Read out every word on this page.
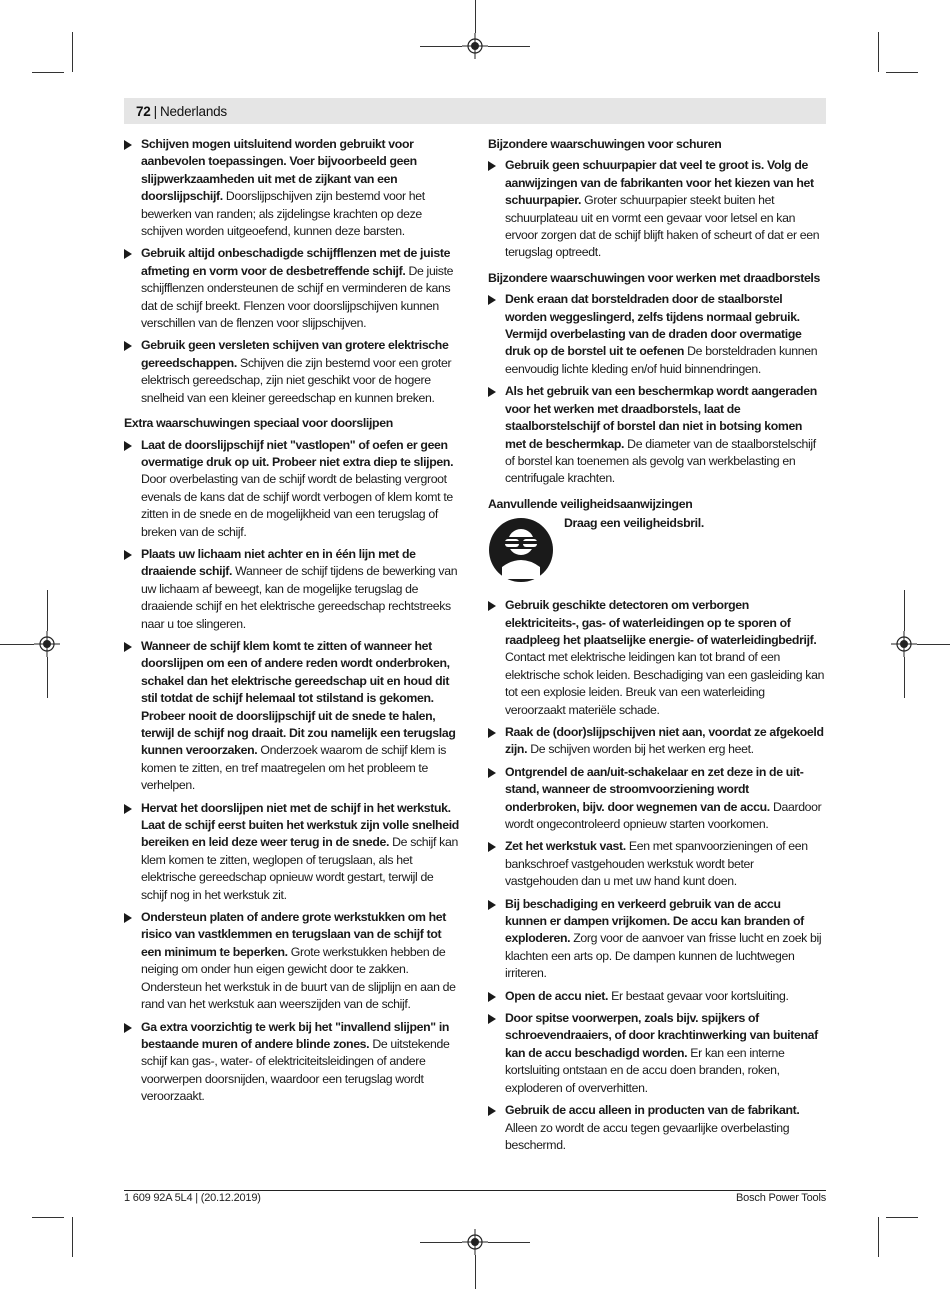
72 | Nederlands
Schijven mogen uitsluitend worden gebruikt voor aanbevolen toepassingen. Voer bijvoorbeeld geen slijpwerkzaamheden uit met de zijkant van een doorslijpschijf. Doorslijpschijven zijn bestemd voor het bewerken van randen; als zijdelingse krachten op deze schijven worden uitgeoefend, kunnen deze barsten.
Gebruik altijd onbeschadigde schijfflenzen met de juiste afmeting en vorm voor de desbetreffende schijf. De juiste schijfflenzen ondersteunen de schijf en verminderen de kans dat de schijf breekt. Flenzen voor doorslijpschijven kunnen verschillen van de flenzen voor slijpschijven.
Gebruik geen versleten schijven van grotere elektrische gereedschappen. Schijven die zijn bestemd voor een groter elektrisch gereedschap, zijn niet geschikt voor de hogere snelheid van een kleiner gereedschap en kunnen breken.
Extra waarschuwingen speciaal voor doorslijpen
Laat de doorslijpschijf niet "vastlopen" of oefen er geen overmatige druk op uit. Probeer niet extra diep te slijpen. Door overbelasting van de schijf wordt de belasting vergroot evenals de kans dat de schijf wordt verbogen of klem komt te zitten in de snede en de mogelijkheid van een terugslag of breken van de schijf.
Plaats uw lichaam niet achter en in één lijn met de draaiende schijf. Wanneer de schijf tijdens de bewerking van uw lichaam af beweegt, kan de mogelijke terugslag de draaiende schijf en het elektrische gereedschap rechtstreeks naar u toe slingeren.
Wanneer de schijf klem komt te zitten of wanneer het doorslijpen om een of andere reden wordt onderbroken, schakel dan het elektrische gereedschap uit en houd dit stil totdat de schijf helemaal tot stilstand is gekomen. Probeer nooit de doorslijpschijf uit de snede te halen, terwijl de schijf nog draait. Dit zou namelijk een terugslag kunnen veroorzaken. Onderzoek waarom de schijf klem is komen te zitten, en tref maatregelen om het probleem te verhelpen.
Hervat het doorslijpen niet met de schijf in het werkstuk. Laat de schijf eerst buiten het werkstuk zijn volle snelheid bereiken en leid deze weer terug in de snede. De schijf kan klem komen te zitten, weglopen of terugslaan, als het elektrische gereedschap opnieuw wordt gestart, terwijl de schijf nog in het werkstuk zit.
Ondersteun platen of andere grote werkstukken om het risico van vastklemmen en terugslaan van de schijf tot een minimum te beperken. Grote werkstukken hebben de neiging om onder hun eigen gewicht door te zakken. Ondersteun het werkstuk in de buurt van de slijplijn en aan de rand van het werkstuk aan weerszijden van de schijf.
Ga extra voorzichtig te werk bij het "invallend slijpen" in bestaande muren of andere blinde zones. De uitstekende schijf kan gas-, water- of elektriciteitsleidingen of andere voorwerpen doorsnijden, waardoor een terugslag wordt veroorzaakt.
Bijzondere waarschuwingen voor schuren
Gebruik geen schuurpapier dat veel te groot is. Volg de aanwijzingen van de fabrikanten voor het kiezen van het schuurpapier. Groter schuurpapier steekt buiten het schuurplateau uit en vormt een gevaar voor letsel en kan ervoor zorgen dat de schijf blijft haken of scheurt of dat er een terugslag optreedt.
Bijzondere waarschuwingen voor werken met draadborstels
Denk eraan dat borsteldraden door de staalborstel worden weggeslingerd, zelfs tijdens normaal gebruik. Vermijd overbelasting van de draden door overmatige druk op de borstel uit te oefenen De borsteldraden kunnen eenvoudig lichte kleding en/of huid binnendringen.
Als het gebruik van een beschermkap wordt aangeraden voor het werken met draadborstels, laat de staalborstelschijf of borstel dan niet in botsing komen met de beschermkap. De diameter van de staalborstelschijf of borstel kan toenemen als gevolg van werkbelasting en centrifugale krachten.
Aanvullende veiligheidsaanwijzingen
Draag een veiligheidsbril.
Gebruik geschikte detectoren om verborgen elektriciteits-, gas- of waterleidingen op te sporen of raadpleeg het plaatselijke energie- of waterleidingbedrijf. Contact met elektrische leidingen kan tot brand of een elektrische schok leiden. Beschadiging van een gasleiding kan tot een explosie leiden. Breuk van een waterleiding veroorzaakt materiële schade.
Raak de (door)slijpschijven niet aan, voordat ze afgekoeld zijn. De schijven worden bij het werken erg heet.
Ontgrendel de aan/uit-schakelaar en zet deze in de uit-stand, wanneer de stroomvoorziening wordt onderbroken, bijv. door wegnemen van de accu. Daardoor wordt ongecontroleerd opnieuw starten voorkomen.
Zet het werkstuk vast. Een met spanvoorzieningen of een bankschroef vastgehouden werkstuk wordt beter vastgehouden dan u met uw hand kunt doen.
Bij beschadiging en verkeerd gebruik van de accu kunnen er dampen vrijkomen. De accu kan branden of exploderen. Zorg voor de aanvoer van frisse lucht en zoek bij klachten een arts op. De dampen kunnen de luchtwegen irriteren.
Open de accu niet. Er bestaat gevaar voor kortsluiting.
Door spitse voorwerpen, zoals bijv. spijkers of schroevendraaiers, of door krachtinwerking van buitenaf kan de accu beschadigd worden. Er kan een interne kortsluiting ontstaan en de accu doen branden, roken, exploderen of oververhitten.
Gebruik de accu alleen in producten van de fabrikant. Alleen zo wordt de accu tegen gevaarlijke overbelasting beschermd.
1 609 92A 5L4 | (20.12.2019)	Bosch Power Tools
